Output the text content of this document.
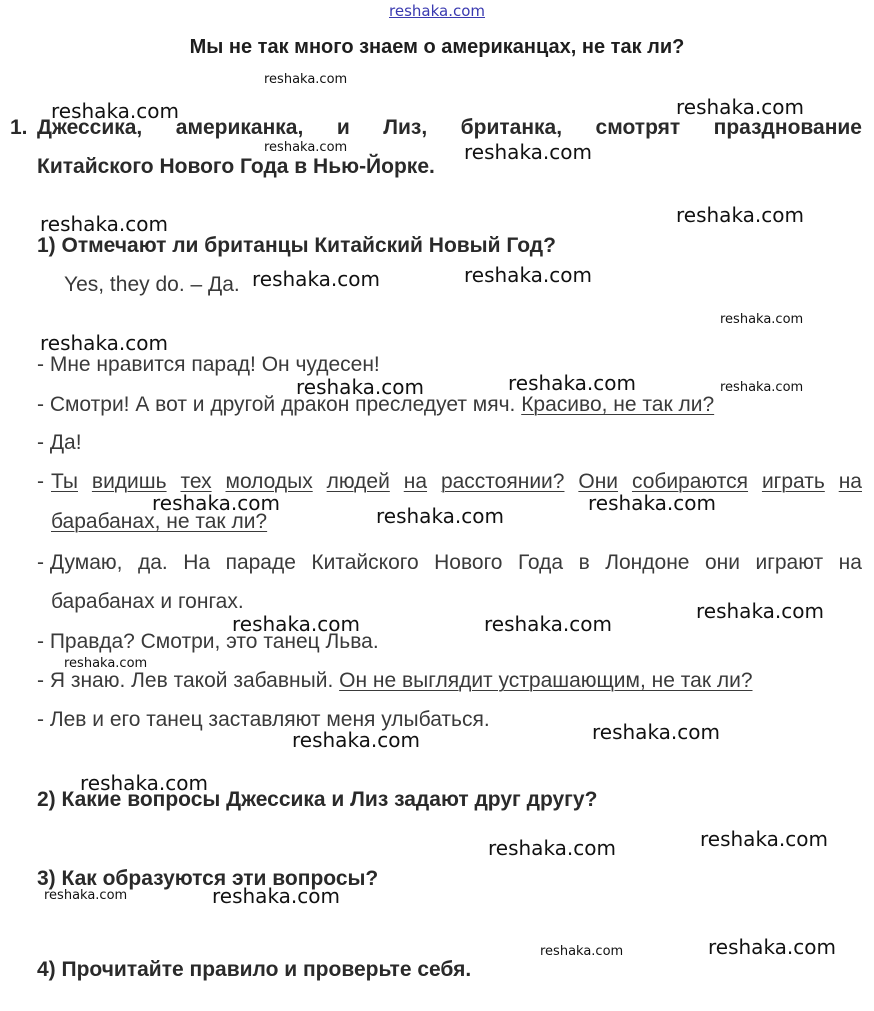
reshaka.com
Мы не так много знаем о американцах, не так ли?
1. Джессика, американка, и Лиз, британка, смотрят празднование
Китайского Нового Года в Нью-Йорке.
1) Отмечают ли британцы Китайский Новый Год?
Yes, they do. – Да.
- Мне нравится парад! Он чудесен!
- Смотри! А вот и другой дракон преследует мяч. Красиво, не так ли?
- Да!
- Ты видишь тех молодых людей на расстоянии? Они собираются играть на
барабанах, не так ли?
- Думаю, да. На параде Китайского Нового Года в Лондоне они играют на
барабанах и гонгах.
- Правда? Смотри, это танец Льва.
- Я знаю. Лев такой забавный. Он не выглядит устрашающим, не так ли?
- Лев и его танец заставляют меня улыбаться.
2) Какие вопросы Джессика и Лиз задают друг другу?
3) Как образуются эти вопросы?
4) Прочитайте правило и проверьте себя.
reshaka.com
reshaka.com	reshaka.com
reshaka.com
reshaka.com	reshaka.com
reshaka.com
reshaka.com	reshaka.com
reshaka.com
reshaka.com
reshaka.com	reshaka.com	reshaka.com
reshaka.com
reshaka.com
reshaka.com
reshaka.com
reshaka.com	reshaka.com
reshaka.com
reshaka.com	reshaka.com
reshaka.com
reshaka.com
reshaka.com
reshaka.com	reshaka.com
reshaka.com	reshaka.com
